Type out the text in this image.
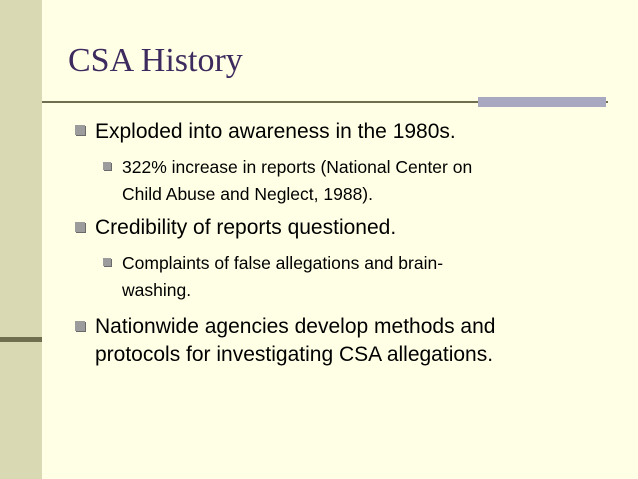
CSA History
Exploded into awareness in the 1980s.
322% increase in reports (National Center on
Child Abuse and Neglect, 1988).
Credibility of reports questioned.
Complaints of false allegations and brain-
washing.
Nationwide agencies develop methods and
protocols for investigating CSA allegations.
